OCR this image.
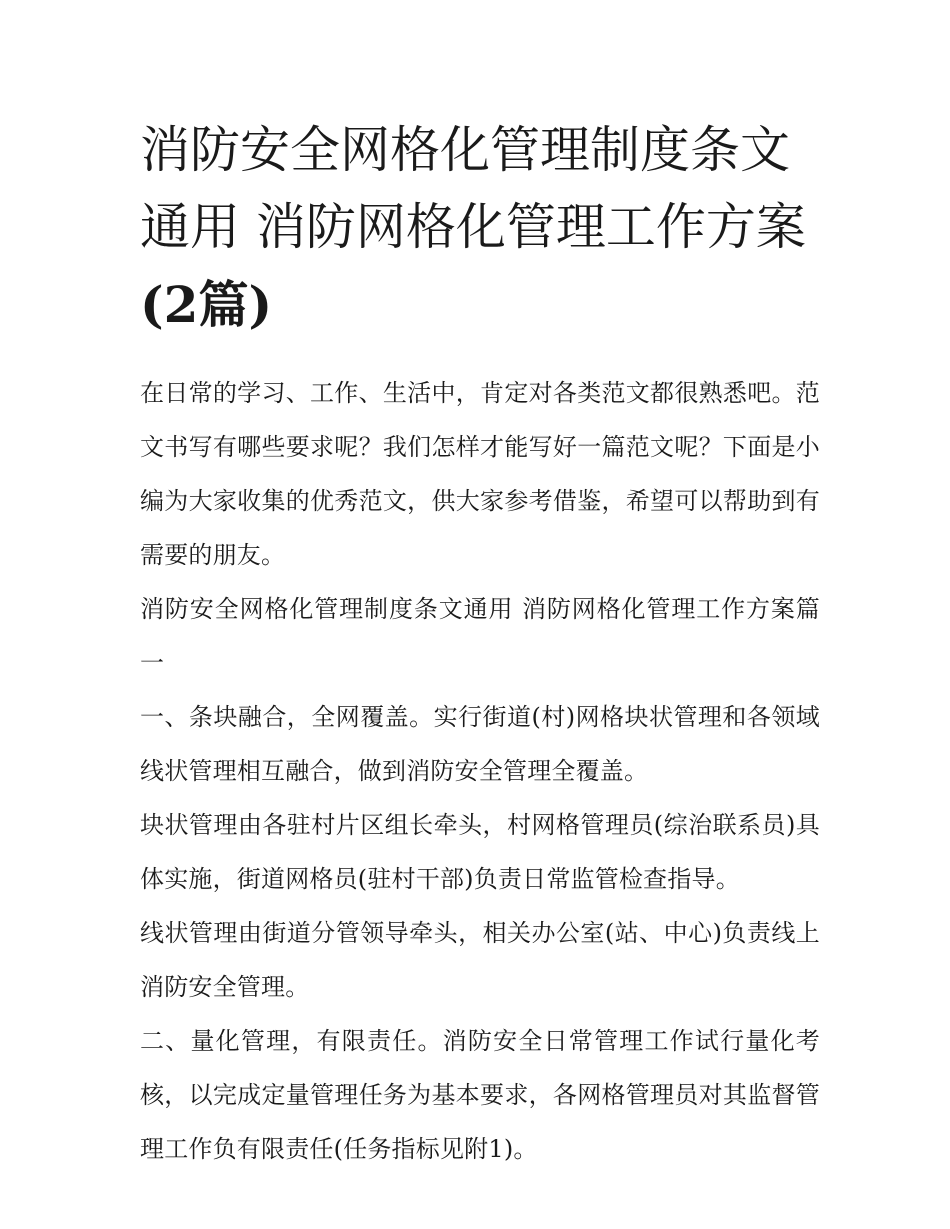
消防安全网格化管理制度条文通用 消防网格化管理工作方案(2篇)

在日常的学习、工作、生活中，肯定对各类范文都很熟悉吧。范文书写有哪些要求呢？我们怎样才能写好一篇范文呢？下面是小编为大家收集的优秀范文，供大家参考借鉴，希望可以帮助到有需要的朋友。

消防安全网格化管理制度条文通用 消防网格化管理工作方案篇一

一、条块融合，全网覆盖。实行街道(村)网格块状管理和各领域线状管理相互融合，做到消防安全管理全覆盖。

块状管理由各驻村片区组长牵头，村网格管理员(综治联系员)具体实施，街道网格员(驻村干部)负责日常监管检查指导。

线状管理由街道分管领导牵头，相关办公室(站、中心)负责线上消防安全管理。

二、量化管理，有限责任。消防安全日常管理工作试行量化考核，以完成定量管理任务为基本要求，各网格管理员对其监督管理工作负有限责任(任务指标见附1)。
